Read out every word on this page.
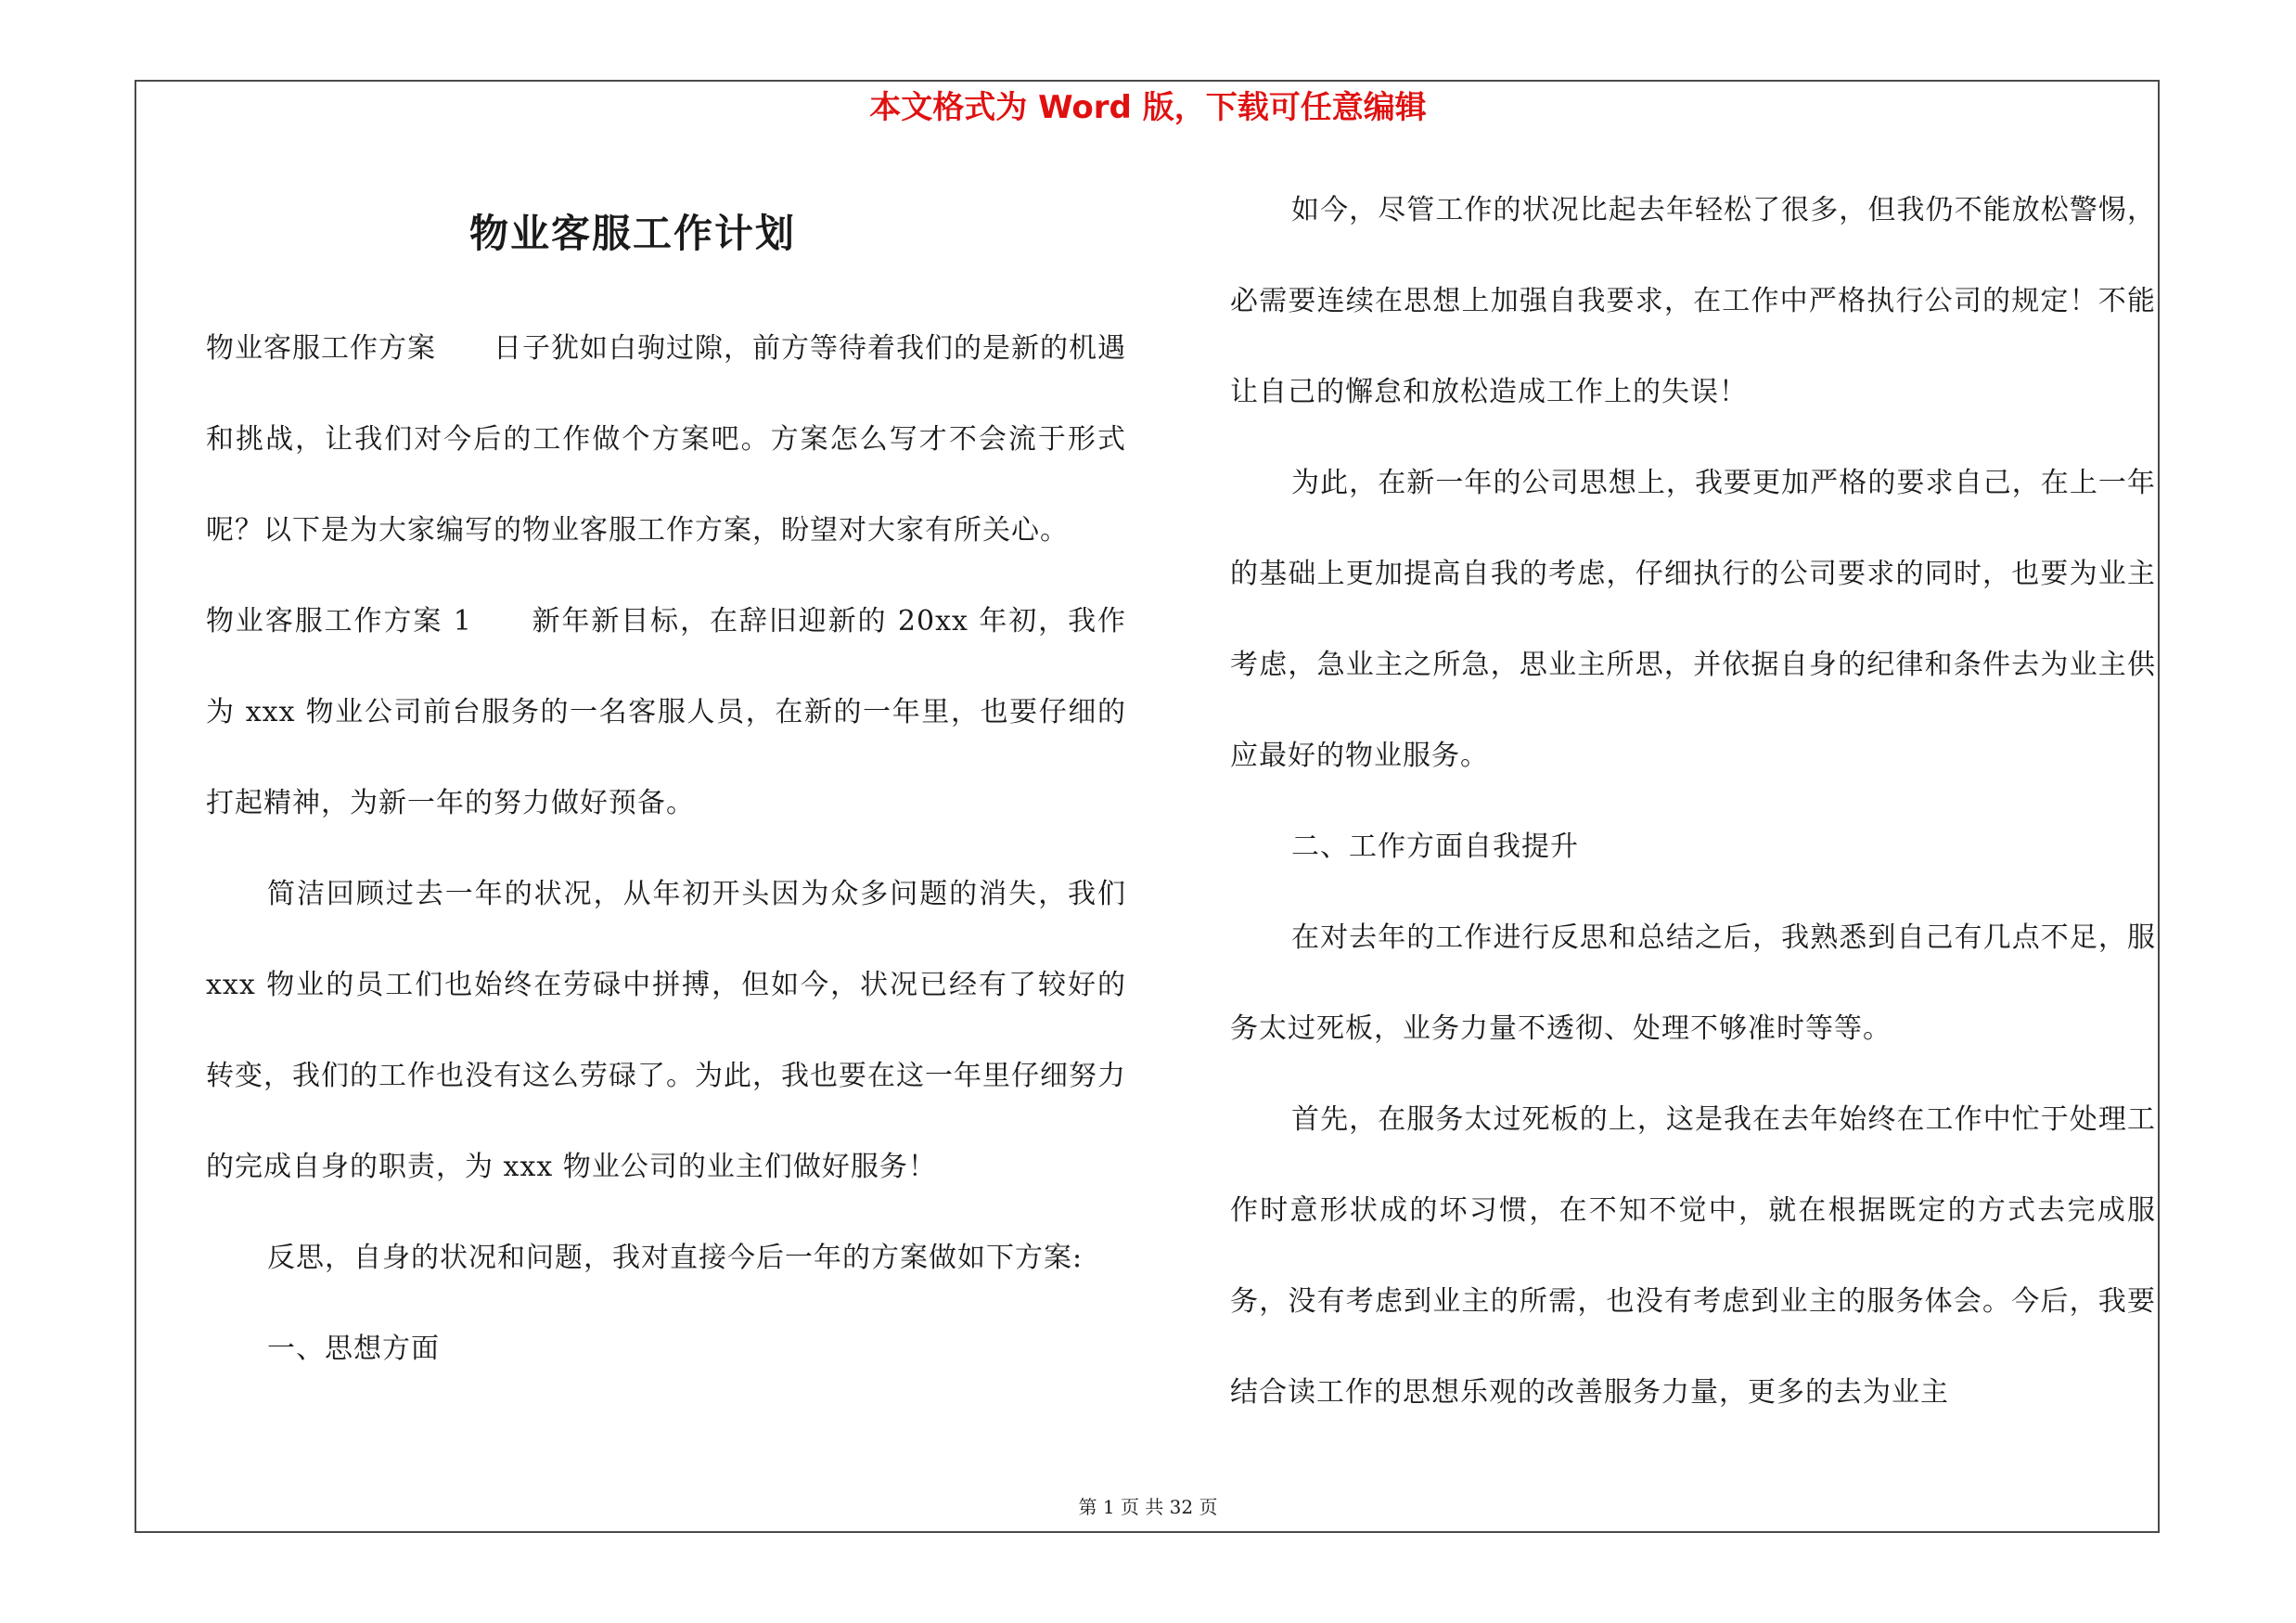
本文格式为 Word 版，下载可任意编辑
物业客服工作计划

物业客服工作方案　　日子犹如白驹过隙，前方等待着我们的是新的机遇和挑战，让我们对今后的工作做个方案吧。方案怎么写才不会流于形式呢？以下是为大家编写的物业客服工作方案，盼望对大家有所关心。

物业客服工作方案 1　　新年新目标，在辞旧迎新的 20xx 年初，我作为 xxx 物业公司前台服务的一名客服人员，在新的一年里，也要仔细的打起精神，为新一年的努力做好预备。

简洁回顾过去一年的状况，从年初开头因为众多问题的消失，我们 xxx 物业的员工们也始终在劳碌中拼搏，但如今，状况已经有了较好的转变，我们的工作也没有这么劳碌了。为此，我也要在这一年里仔细努力的完成自身的职责，为 xxx 物业公司的业主们做好服务！

反思，自身的状况和问题，我对直接今后一年的方案做如下方案:

一、思想方面

如今，尽管工作的状况比起去年轻松了很多，但我仍不能放松警惕，必需要连续在思想上加强自我要求，在工作中严格执行公司的规定！不能让自己的懈怠和放松造成工作上的失误！

为此，在新一年的公司思想上，我要更加严格的要求自己，在上一年的基础上更加提高自我的考虑，仔细执行的公司要求的同时，也要为业主考虑，急业主之所急，思业主所思，并依据自身的纪律和条件去为业主供应最好的物业服务。

二、工作方面自我提升

在对去年的工作进行反思和总结之后，我熟悉到自己有几点不足，服务太过死板，业务力量不透彻、处理不够准时等等。

首先，在服务太过死板的上，这是我在去年始终在工作中忙于处理工作时意形状成的坏习惯，在不知不觉中，就在根据既定的方式去完成服务，没有考虑到业主的所需，也没有考虑到业主的服务体会。今后，我要结合读工作的思想乐观的改善服务力量，更多的去为业主

第 1 页 共 32 页
